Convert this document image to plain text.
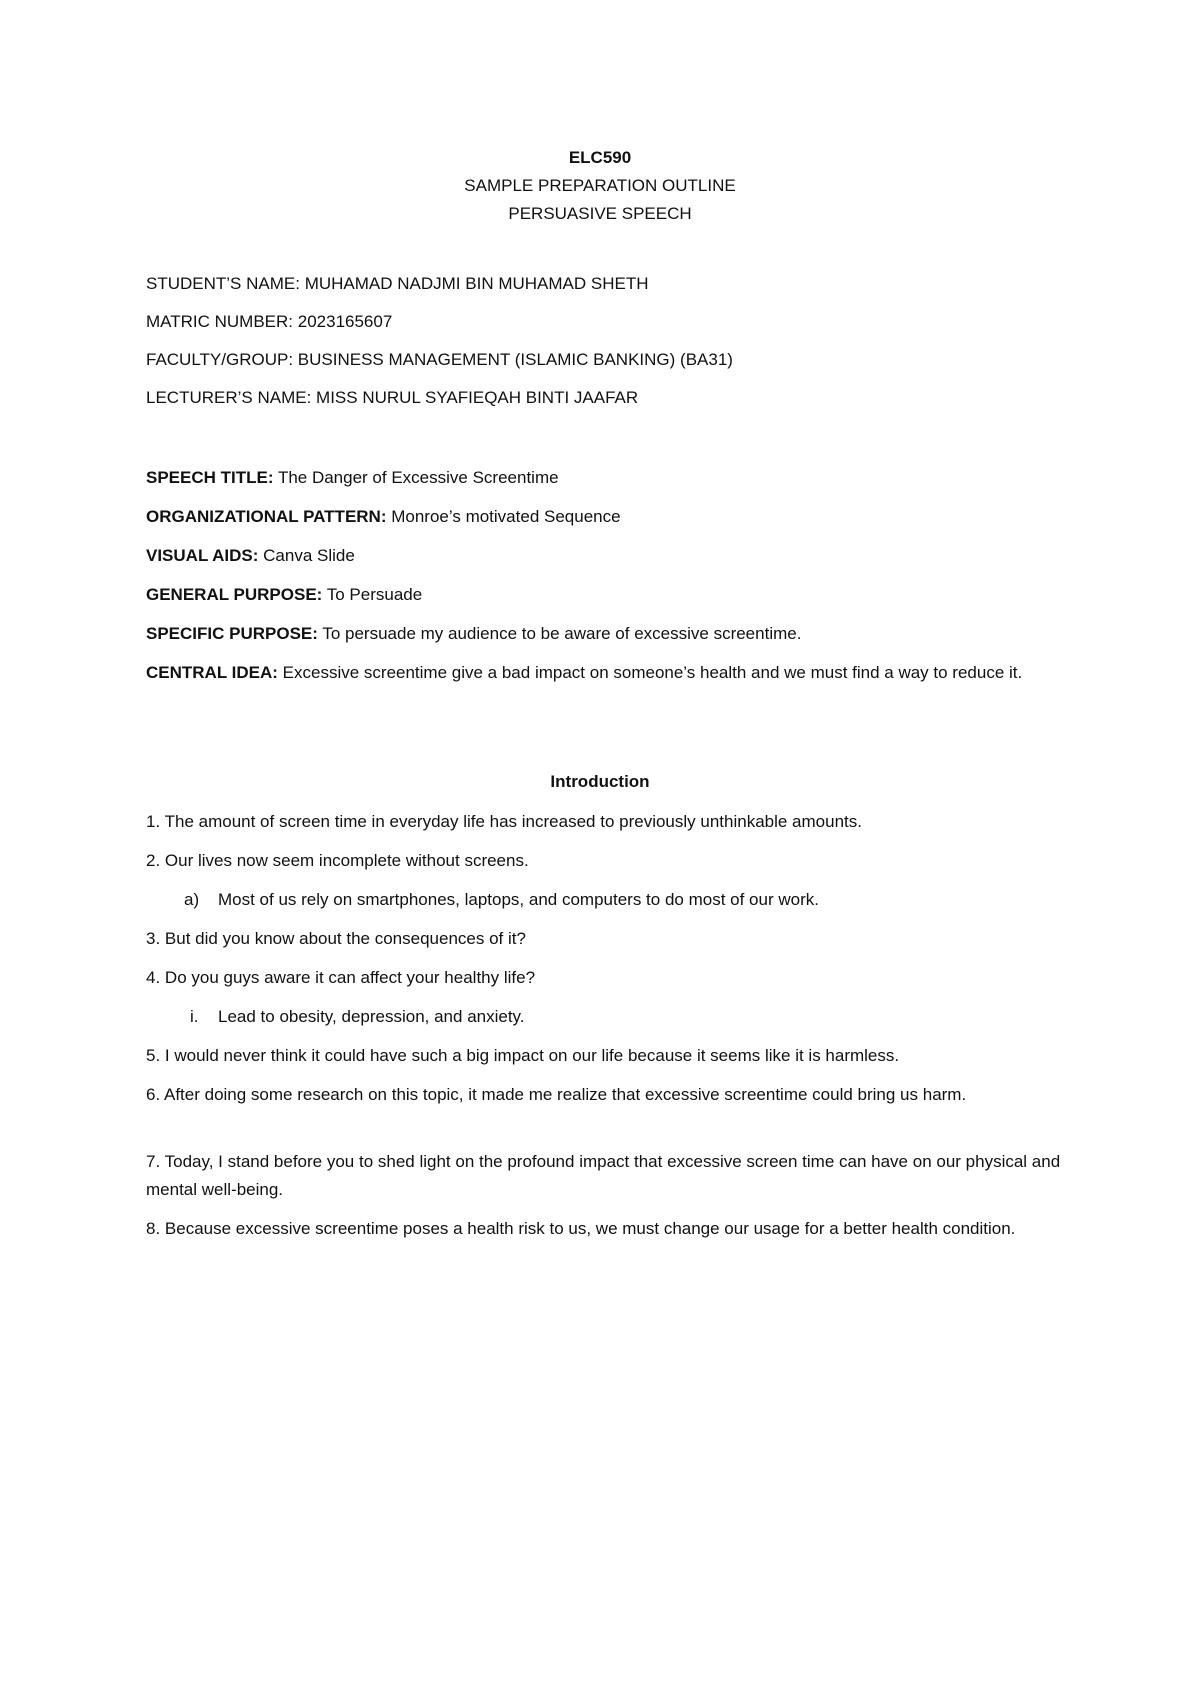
ELC590
SAMPLE PREPARATION OUTLINE
PERSUASIVE SPEECH
STUDENT’S NAME: MUHAMAD NADJMI BIN MUHAMAD SHETH
MATRIC NUMBER: 2023165607
FACULTY/GROUP: BUSINESS MANAGEMENT (ISLAMIC BANKING) (BA31)
LECTURER’S NAME: MISS NURUL SYAFIEQAH BINTI JAAFAR
SPEECH TITLE: The Danger of Excessive Screentime
ORGANIZATIONAL PATTERN: Monroe’s motivated Sequence
VISUAL AIDS: Canva Slide
GENERAL PURPOSE: To Persuade
SPECIFIC PURPOSE: To persuade my audience to be aware of excessive screentime.
CENTRAL IDEA: Excessive screentime give a bad impact on someone’s health and we must find a way to reduce it.
Introduction
1. The amount of screen time in everyday life has increased to previously unthinkable amounts.
2. Our lives now seem incomplete without screens.
a) Most of us rely on smartphones, laptops, and computers to do most of our work.
3. But did you know about the consequences of it?
4. Do you guys aware it can affect your healthy life?
i. Lead to obesity, depression, and anxiety.
5. I would never think it could have such a big impact on our life because it seems like it is harmless.
6. After doing some research on this topic, it made me realize that excessive screentime could bring us harm.
7. Today, I stand before you to shed light on the profound impact that excessive screen time can have on our physical and mental well-being.
8. Because excessive screentime poses a health risk to us, we must change our usage for a better health condition.
